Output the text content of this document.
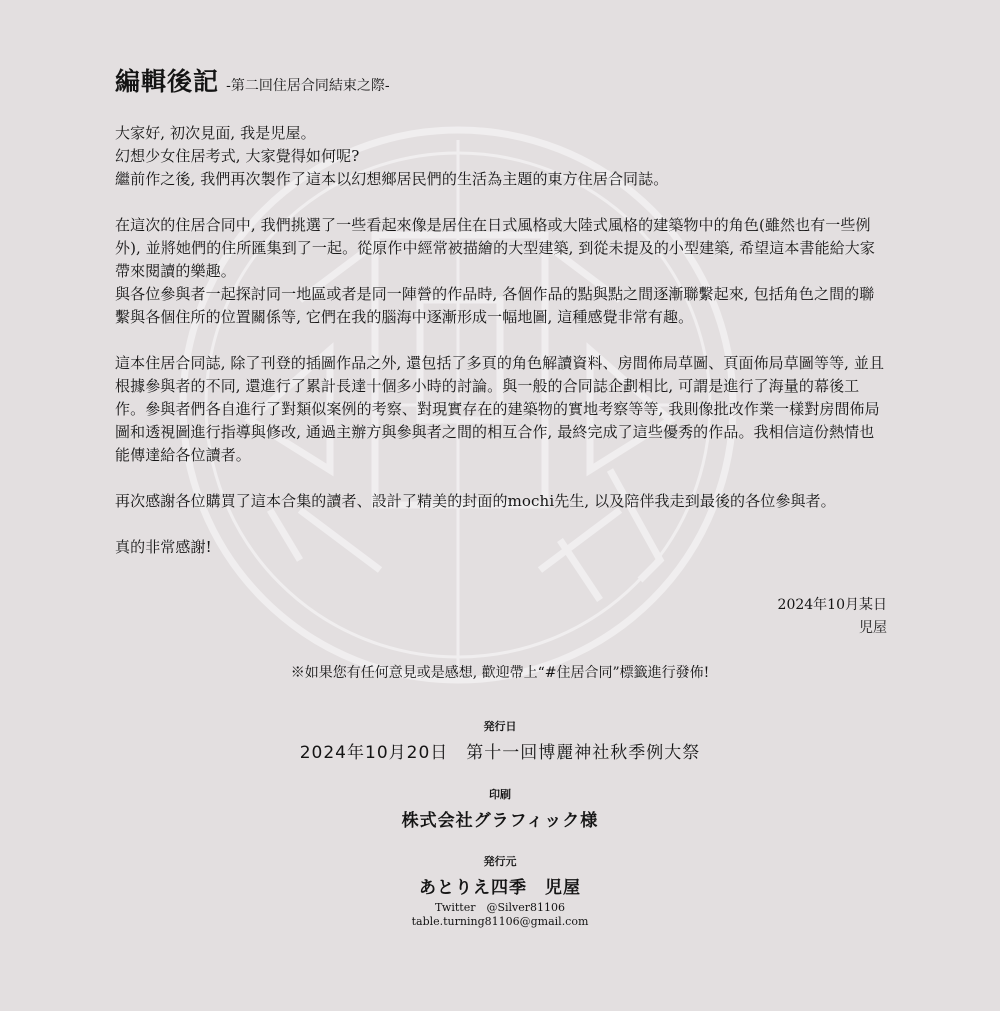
編輯後記 -第二回住居合同結束之際-

大家好, 初次見面, 我是児屋。

幻想少女住居考式, 大家覺得如何呢?

繼前作之後, 我們再次製作了這本以幻想鄉居民們的生活為主題的東方住居合同誌。

在這次的住居合同中, 我們挑選了一些看起來像是居住在日式風格或大陸式風格的建築物中的角色(雖然也有一些例外), 並將她們的住所匯集到了一起。從原作中經常被描繪的大型建築, 到從未提及的小型建築, 希望這本書能給大家帶來閱讀的樂趣。

與各位參與者一起探討同一地區或者是同一陣營的作品時, 各個作品的點與點之間逐漸聯繫起來, 包括角色之間的聯繫與各個住所的位置關係等, 它們在我的腦海中逐漸形成一幅地圖, 這種感覺非常有趣。

這本住居合同誌, 除了刊登的插圖作品之外, 還包括了多頁的角色解讀資料、房間佈局草圖、頁面佈局草圖等等, 並且根據參與者的不同, 還進行了累計長達十個多小時的討論。與一般的合同誌企劃相比, 可謂是進行了海量的幕後工作。參與者們各自進行了對類似案例的考察、對現實存在的建築物的實地考察等等, 我則像批改作業一樣對房間佈局圖和透視圖進行指導與修改, 通過主辦方與參與者之間的相互合作, 最終完成了這些優秀的作品。我相信這份熱情也能傳達給各位讀者。

再次感謝各位購買了這本合集的讀者、設計了精美的封面的mochi先生, 以及陪伴我走到最後的各位參與者。

真的非常感謝!

2024年10月某日
児屋
※如果您有任何意見或是感想, 歡迎帶上“#住居合同”標籤進行發佈!
発行日
2024年10月20日　第十一回博麗神社秋季例大祭
印刷
株式会社グラフィック様
発行元
あとりえ四季　児屋
Twitter　@Silver81106
table.turning81106@gmail.com
